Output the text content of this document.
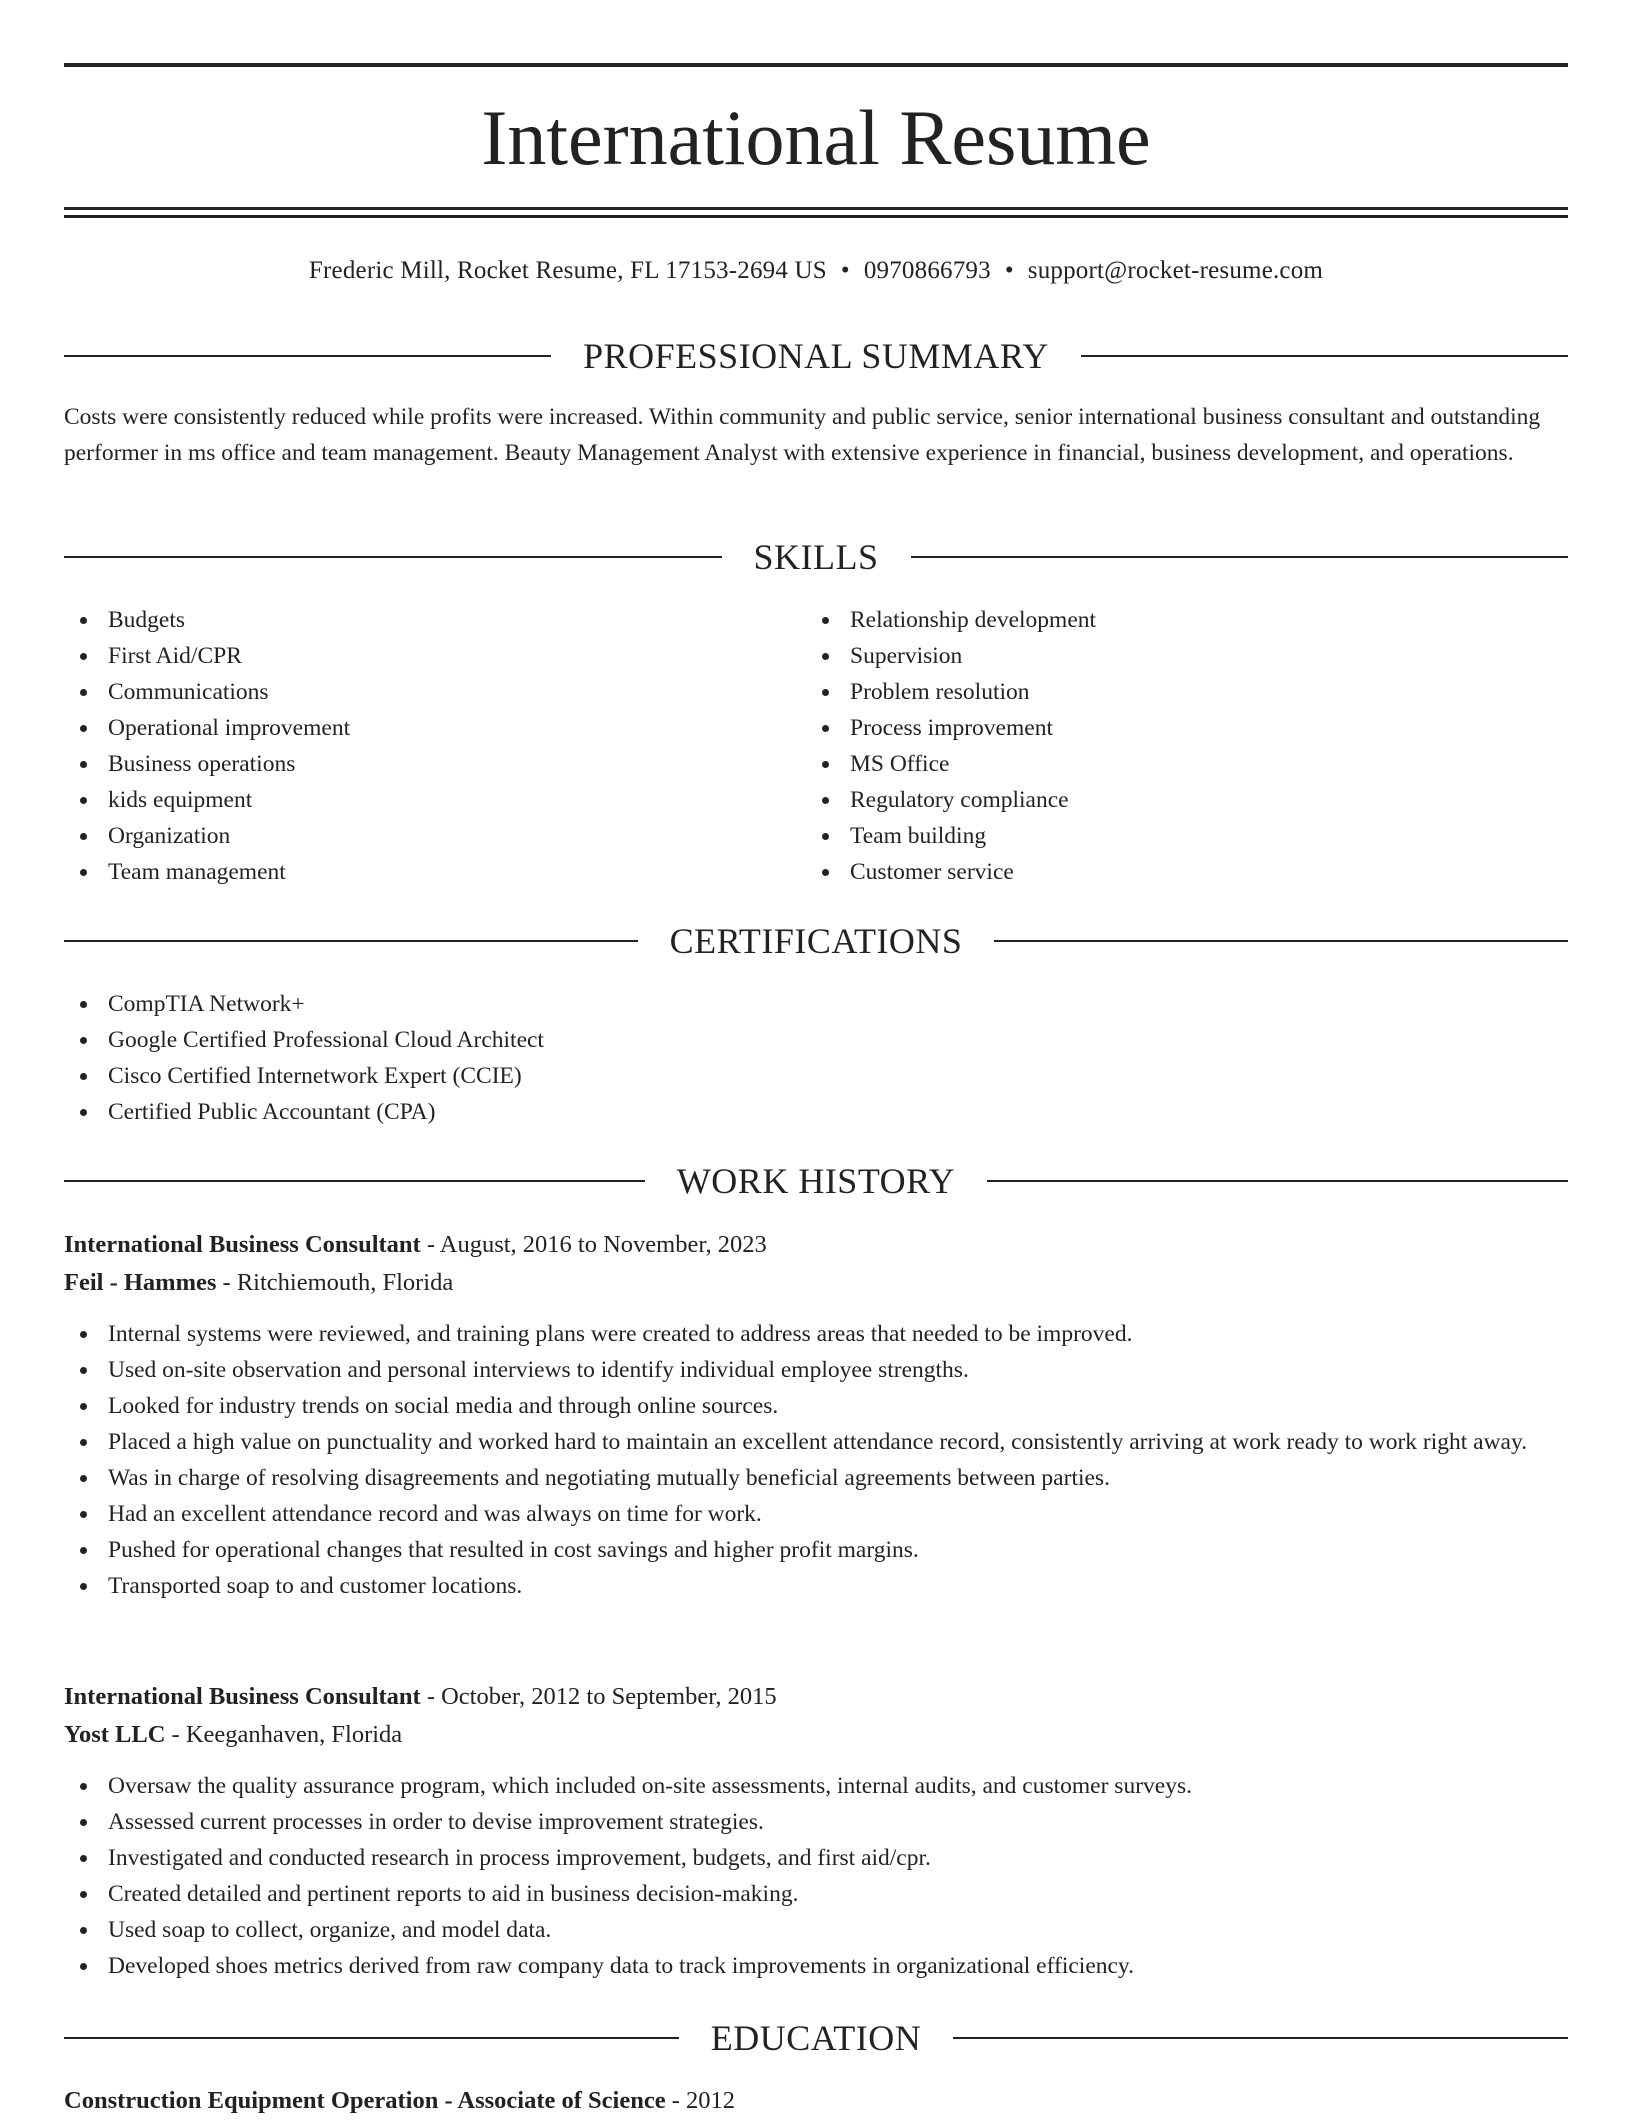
International Resume
Frederic Mill, Rocket Resume, FL 17153-2694 US • 0970866793 • support@rocket-resume.com
PROFESSIONAL SUMMARY
Costs were consistently reduced while profits were increased. Within community and public service, senior international business consultant and outstanding performer in ms office and team management. Beauty Management Analyst with extensive experience in financial, business development, and operations.
SKILLS
Budgets
First Aid/CPR
Communications
Operational improvement
Business operations
kids equipment
Organization
Team management
Relationship development
Supervision
Problem resolution
Process improvement
MS Office
Regulatory compliance
Team building
Customer service
CERTIFICATIONS
CompTIA Network+
Google Certified Professional Cloud Architect
Cisco Certified Internetwork Expert (CCIE)
Certified Public Accountant (CPA)
WORK HISTORY
International Business Consultant - August, 2016 to November, 2023
Feil - Hammes - Ritchiemouth, Florida
Internal systems were reviewed, and training plans were created to address areas that needed to be improved.
Used on-site observation and personal interviews to identify individual employee strengths.
Looked for industry trends on social media and through online sources.
Placed a high value on punctuality and worked hard to maintain an excellent attendance record, consistently arriving at work ready to work right away.
Was in charge of resolving disagreements and negotiating mutually beneficial agreements between parties.
Had an excellent attendance record and was always on time for work.
Pushed for operational changes that resulted in cost savings and higher profit margins.
Transported soap to and customer locations.
International Business Consultant - October, 2012 to September, 2015
Yost LLC - Keeganhaven, Florida
Oversaw the quality assurance program, which included on-site assessments, internal audits, and customer surveys.
Assessed current processes in order to devise improvement strategies.
Investigated and conducted research in process improvement, budgets, and first aid/cpr.
Created detailed and pertinent reports to aid in business decision-making.
Used soap to collect, organize, and model data.
Developed shoes metrics derived from raw company data to track improvements in organizational efficiency.
EDUCATION
Construction Equipment Operation - Associate of Science - 2012
